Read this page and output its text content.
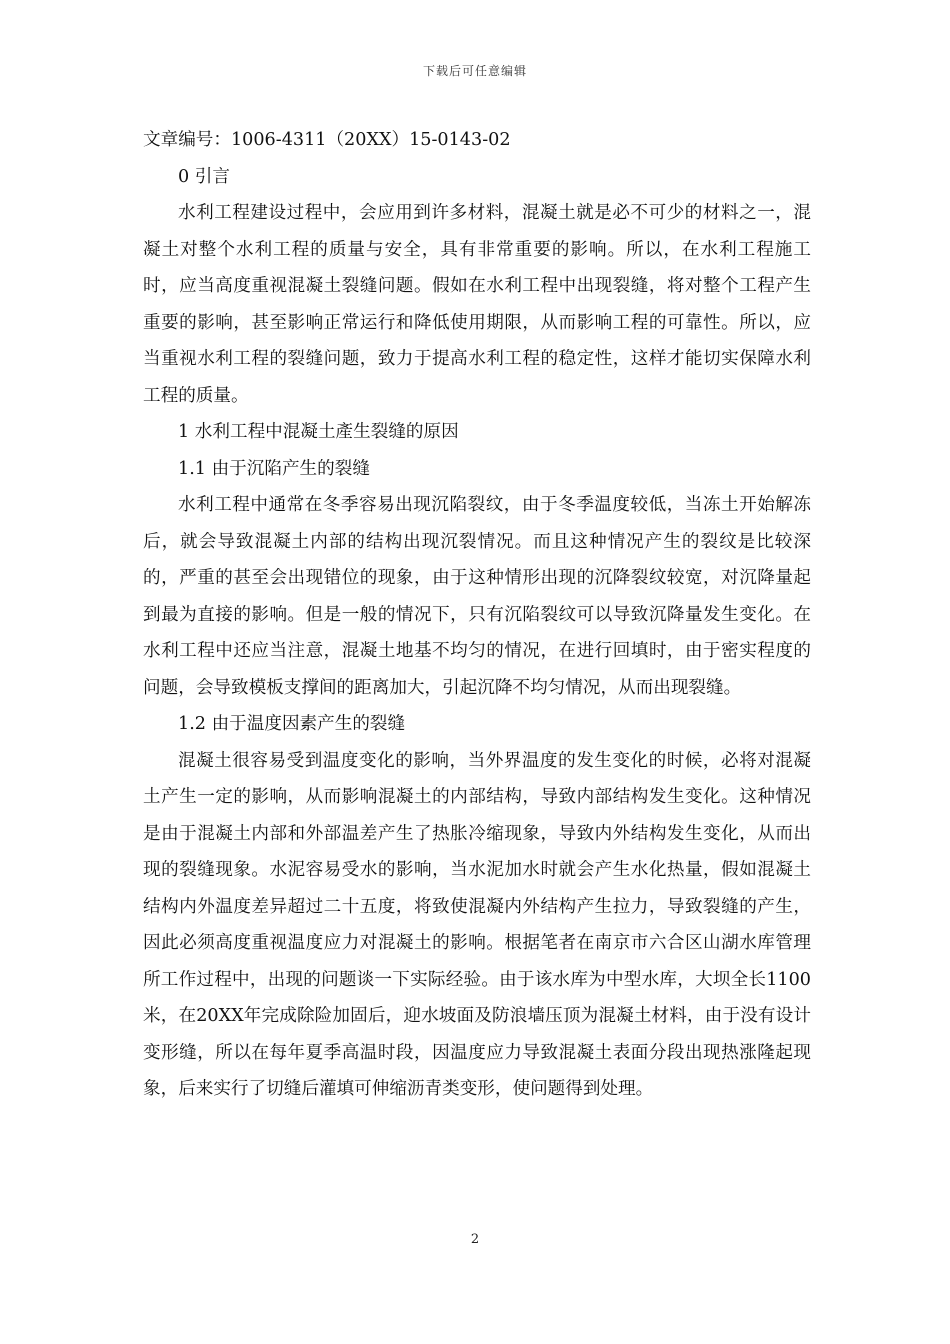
下载后可任意编辑

文章编号：1006-4311（20XX）15-0143-02

0 引言

水利工程建设过程中，会应用到许多材料，混凝土就是必不可少的材料之一，混凝土对整个水利工程的质量与安全，具有非常重要的影响。所以，在水利工程施工时，应当高度重视混凝土裂缝问题。假如在水利工程中出现裂缝，将对整个工程产生重要的影响，甚至影响正常运行和降低使用期限，从而影响工程的可靠性。所以，应当重视水利工程的裂缝问题，致力于提高水利工程的稳定性，这样才能切实保障水利工程的质量。

1 水利工程中混凝土產生裂缝的原因

1.1 由于沉陷产生的裂缝

水利工程中通常在冬季容易出现沉陷裂纹，由于冬季温度较低，当冻土开始解冻后，就会导致混凝土内部的结构出现沉裂情况。而且这种情况产生的裂纹是比较深的，严重的甚至会出现错位的现象，由于这种情形出现的沉降裂纹较宽，对沉降量起到最为直接的影响。但是一般的情况下，只有沉陷裂纹可以导致沉降量发生变化。在水利工程中还应当注意，混凝土地基不均匀的情况，在进行回填时，由于密实程度的问题，会导致模板支撑间的距离加大，引起沉降不均匀情况，从而出现裂缝。

1.2 由于温度因素产生的裂缝

混凝土很容易受到温度变化的影响，当外界温度的发生变化的时候，必将对混凝土产生一定的影响，从而影响混凝土的内部结构，导致内部结构发生变化。这种情况是由于混凝土内部和外部温差产生了热胀冷缩现象，导致内外结构发生变化，从而出现的裂缝现象。水泥容易受水的影响，当水泥加水时就会产生水化热量，假如混凝土结构内外温度差异超过二十五度，将致使混凝内外结构产生拉力，导致裂缝的产生，因此必须高度重视温度应力对混凝土的影响。根据笔者在南京市六合区山湖水库管理所工作过程中，出现的问题谈一下实际经验。由于该水库为中型水库，大坝全长1100米，在20XX年完成除险加固后，迎水坡面及防浪墙压顶为混凝土材料，由于没有设计变形缝，所以在每年夏季高温时段，因温度应力导致混凝土表面分段出现热涨隆起现象，后来实行了切缝后灌填可伸缩沥青类变形，使问题得到处理。

2
